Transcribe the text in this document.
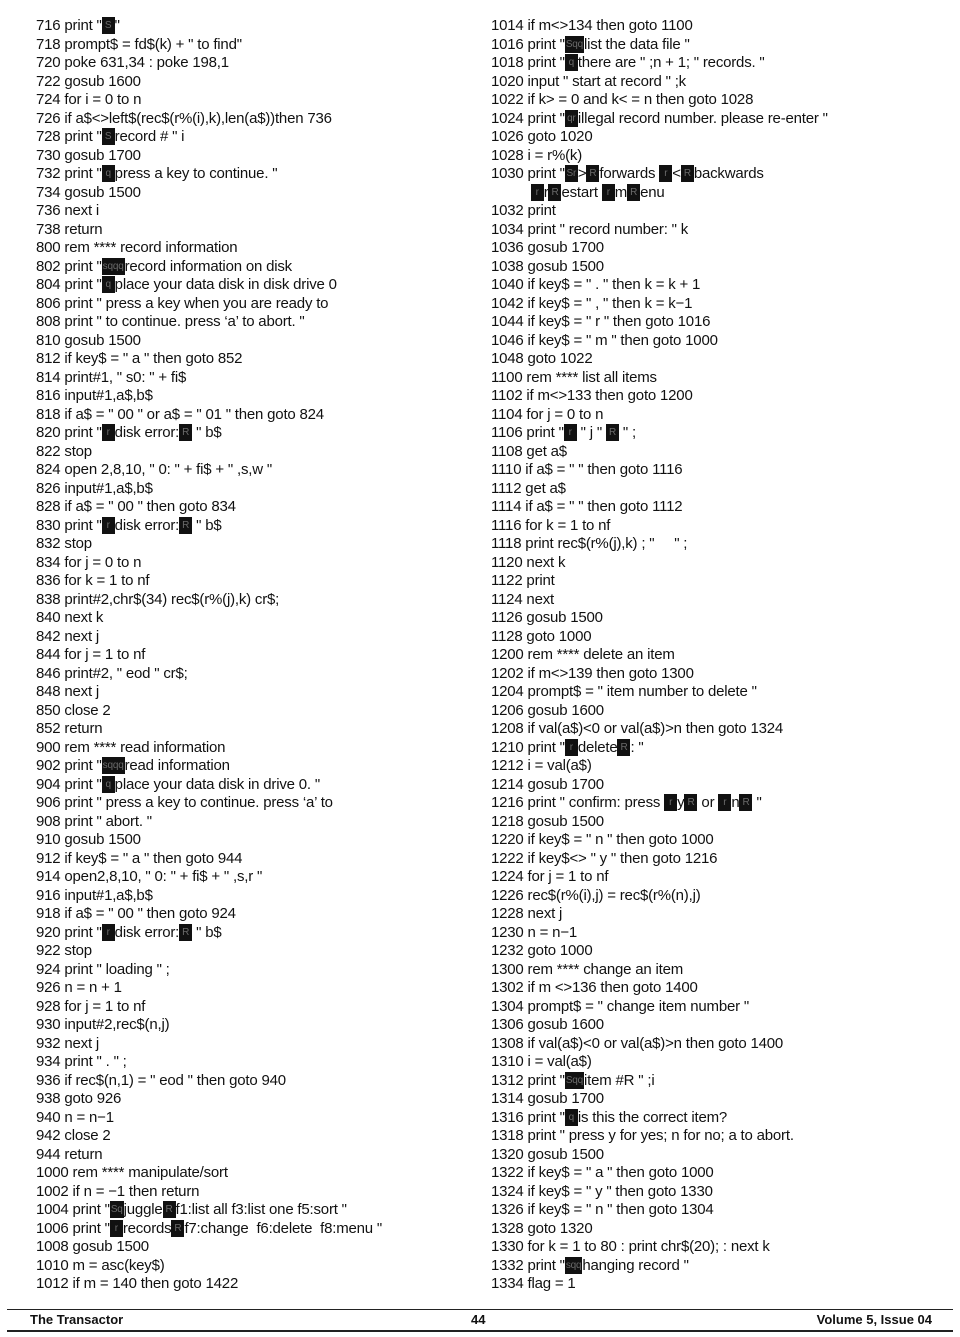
716 print " S "
718 prompt$ = fd$(k) + " to find"
720 poke 631,34 : poke 198,1
722 gosub 1600
724 for i = 0 to n
726 if a$<>left$(rec$(r%(i),k),len(a$))then 736
728 print " S record # " i
730 gosub 1700
732 print " q press a key to continue. "
734 gosub 1500
736 next i
738 return
800 rem **** record information
802 print "sqqqrecord information on disk
804 print " q place your data disk in disk drive 0
806 print " press a key when you are ready to
808 print " to continue. press ‘a’ to abort. "
810 gosub 1500
812 if key$ = " a " then goto 852
814 print#1, " s0: " + fi$
816 input#1,a$,b$
818 if a$ = " 00 " or a$ = " 01 " then goto 824
820 print " r disk error: R " b$
822 stop
824 open 2,8,10, " 0: " + fi$ + " ,s,w "
826 input#1,a$,b$
828 if a$ = " 00 " then goto 834
830 print " r disk error: R " b$
832 stop
834 for j = 0 to n
836 for k = 1 to nf
838 print#2,chr$(34) rec$(r%(j),k) cr$;
840 next k
842 next j
844 for j = 1 to nf
846 print#2, " eod " cr$;
848 next j
850 close 2
852 return
900 rem **** read information
902 print "sqqqread information
904 print " q place your data disk in drive 0. "
906 print " press a key to continue. press ‘a’ to
908 print " abort. "
910 gosub 1500
912 if key$ = " a " then goto 944
914 open2,8,10, " 0: " + fi$ + " ,s,r "
916 input#1,a$,b$
918 if a$ = " 00 " then goto 924
920 print " r disk error: R " b$
922 stop
924 print " loading " ;
926 n = n + 1
928 for j = 1 to nf
930 input#2,rec$(n,j)
932 next j
934 print " . " ;
936 if rec$(n,1) = " eod " then goto 940
938 goto 926
940 n = n−1
942 close 2
944 return
1000 rem **** manipulate/sort
1002 if n = −1 then return
1004 print "Sqjuggle R f1:list all f3:list one f5:sort "
1006 print " r records R f7:change  f6:delete  f8:menu "
1008 gosub 1500
1010 m = asc(key$)
1012 if m = 140 then goto 1422
1014 if m<>134 then goto 1100
1016 print "Sqqlist the data file "
1018 print " q there are " ;n + 1; " records. "
1020 input " start at record " ;k
1022 if k> = 0 and k< = n then goto 1028
1024 print " qr illegal record number. please re-enter "
1026 goto 1020
1028 i = r%(k)
1030 print " Sr > R forwards r < R backwards
r r R estart r m R enu
1032 print
1034 print " record number: " k
1036 gosub 1700
1038 gosub 1500
1040 if key$ = " . " then k = k + 1
1042 if key$ = " , " then k = k−1
1044 if key$ = " r " then goto 1016
1046 if key$ = " m " then goto 1000
1048 goto 1022
1100 rem **** list all items
1102 if m<>133 then goto 1200
1104 for j = 0 to n
1106 print " r " j " R " ;
1108 get a$
1110 if a$ = " " then goto 1116
1112 get a$
1114 if a$ = " " then goto 1112
1116 for k = 1 to nf
1118 print rec$(r%(j),k) ; "     " ;
1120 next k
1122 print
1124 next
1126 gosub 1500
1128 goto 1000
1200 rem **** delete an item
1202 if m<>139 then goto 1300
1204 prompt$ = " item number to delete "
1206 gosub 1600
1208 if val(a$)<0 or val(a$)>n then goto 1324
1210 print " r delete R : "
1212 i = val(a$)
1214 gosub 1700
1216 print " confirm: press r y R or r n R "
1218 gosub 1500
1220 if key$ = " n " then goto 1000
1222 if key$<> " y " then goto 1216
1224 for j = 1 to nf
1226 rec$(r%(i),j) = rec$(r%(n),j)
1228 next j
1230 n = n−1
1232 goto 1000
1300 rem **** change an item
1302 if m <>136 then goto 1400
1304 prompt$ = " change item number "
1306 gosub 1600
1308 if val(a$)<0 or val(a$)>n then goto 1400
1310 i = val(a$)
1312 print "Sqqitem #R " ;i
1314 gosub 1700
1316 print " q is this the correct item?
1318 print " press y for yes; n for no; a to abort.
1320 gosub 1500
1322 if key$ = " a " then goto 1000
1324 if key$ = " y " then goto 1330
1326 if key$ = " n " then goto 1304
1328 goto 1320
1330 for k = 1 to 80 : print chr$(20); : next k
1332 print "sqqhanging record "
1334 flag = 1
The Transactor	44	Volume 5, Issue 04
